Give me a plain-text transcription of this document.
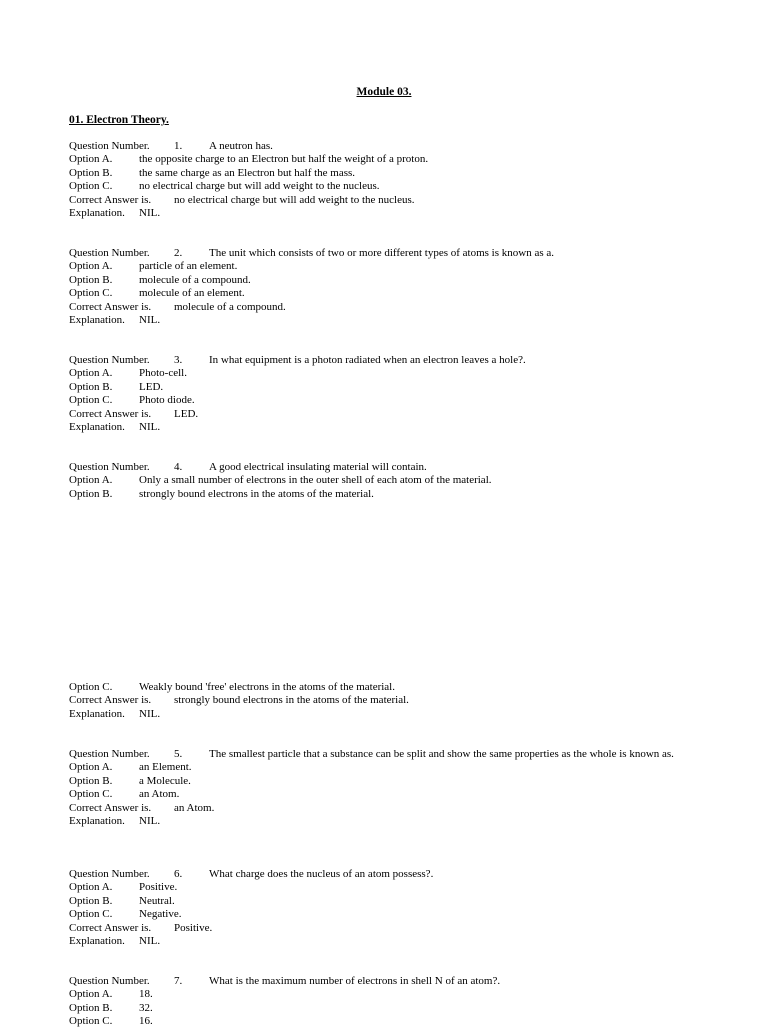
Module 03.
01. Electron Theory.
Question Number. 1. A neutron has.
Option A. the opposite charge to an Electron but half the weight of a proton.
Option B. the same charge as an Electron but half the mass.
Option C. no electrical charge but will add weight to the nucleus.
Correct Answer is. no electrical charge but will add weight to the nucleus.
Explanation. NIL.
Question Number. 2. The unit which consists of two or more different types of atoms is known as a.
Option A. particle of an element.
Option B. molecule of a compound.
Option C. molecule of an element.
Correct Answer is. molecule of a compound.
Explanation. NIL.
Question Number. 3. In what equipment is a photon radiated when an electron leaves a hole?.
Option A. Photo-cell.
Option B. LED.
Option C. Photo diode.
Correct Answer is. LED.
Explanation. NIL.
Question Number. 4. A good electrical insulating material will contain.
Option A. Only a small number of electrons in the outer shell of each atom of the material.
Option B. strongly bound electrons in the atoms of the material.
Option C. Weakly bound 'free' electrons in the atoms of the material.
Correct Answer is. strongly bound electrons in the atoms of the material.
Explanation. NIL.
Question Number. 5. The smallest particle that a substance can be split and show the same properties as the whole is known as.
Option A. an Element.
Option B. a Molecule.
Option C. an Atom.
Correct Answer is. an Atom.
Explanation. NIL.
Question Number. 6. What charge does the nucleus of an atom possess?.
Option A. Positive.
Option B. Neutral.
Option C. Negative.
Correct Answer is. Positive.
Explanation. NIL.
Question Number. 7. What is the maximum number of electrons in shell N of an atom?.
Option A. 18.
Option B. 32.
Option C. 16.
